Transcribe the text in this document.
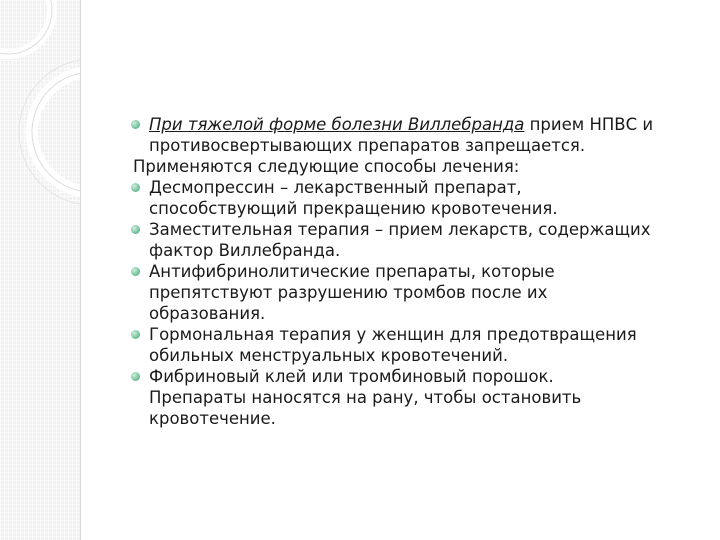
При тяжелой форме болезни Виллебранда прием НПВС и

противосвертывающих препаратов запрещается.

Применяются следующие способы лечения:

Десмопрессин – лекарственный препарат,

способствующий прекращению кровотечения.

Заместительная терапия – прием лекарств, содержащих

фактор Виллебранда.

Антифибринолитические препараты, которые

препятствуют разрушению тромбов после их

образования.

Гормональная терапия у женщин для предотвращения

обильных менструальных кровотечений.

Фибриновый клей или тромбиновый порошок.

Препараты наносятся на рану, чтобы остановить

кровотечение.
